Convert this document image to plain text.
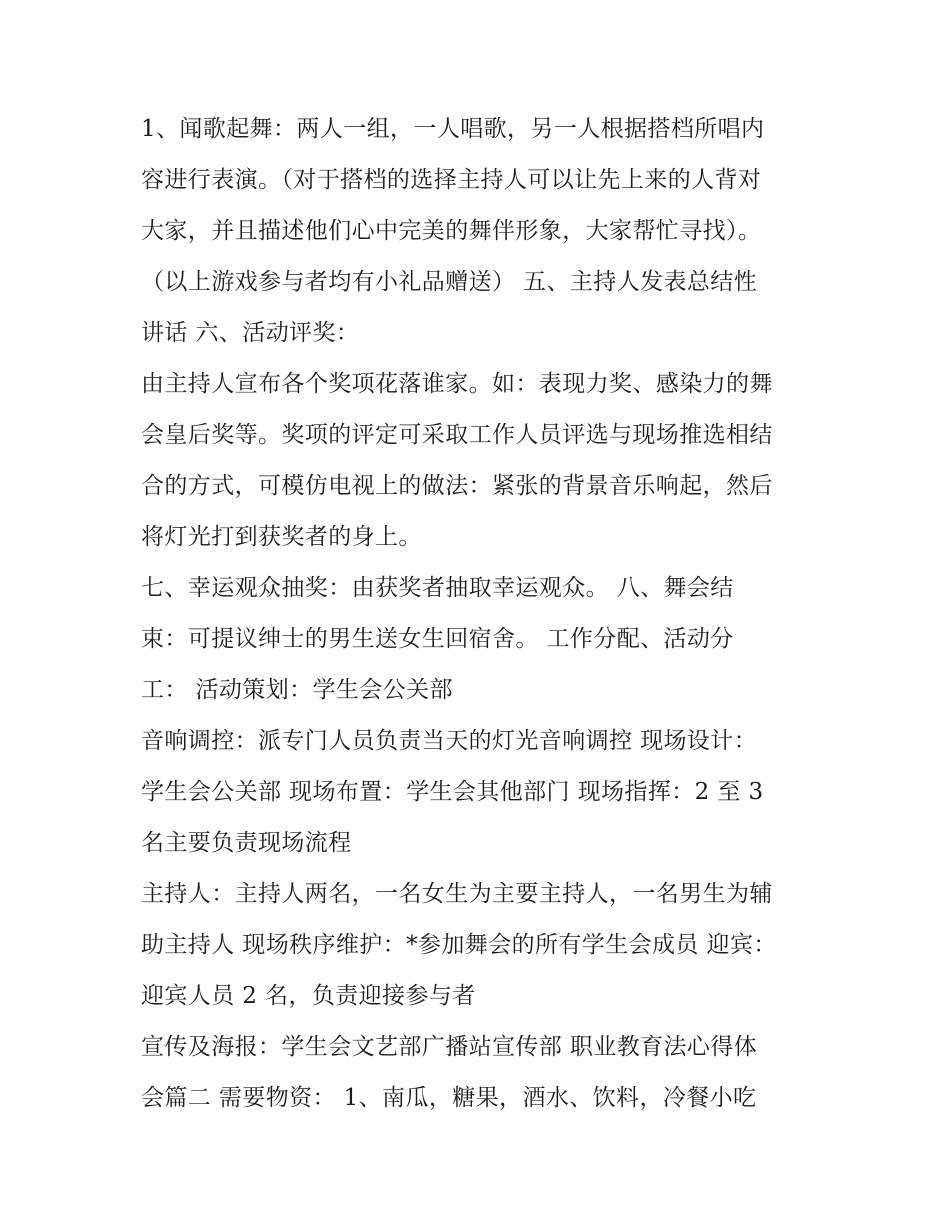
1、闻歌起舞：两人一组，一人唱歌，另一人根据搭档所唱内
容进行表演。（对于搭档的选择主持人可以让先上来的人背对
大家，并且描述他们心中完美的舞伴形象，大家帮忙寻找）。
（以上游戏参与者均有小礼品赠送） 五、主持人发表总结性
讲话 六、活动评奖：
由主持人宣布各个奖项花落谁家。如：表现力奖、感染力的舞
会皇后奖等。奖项的评定可采取工作人员评选与现场推选相结
合的方式，可模仿电视上的做法：紧张的背景音乐响起，然后
将灯光打到获奖者的身上。
七、幸运观众抽奖：由获奖者抽取幸运观众。 八、舞会结
束：可提议绅士的男生送女生回宿舍。 工作分配、活动分
工： 活动策划：学生会公关部
音响调控：派专门人员负责当天的灯光音响调控 现场设计：
学生会公关部 现场布置：学生会其他部门 现场指挥：2 至 3
名主要负责现场流程
主持人：主持人两名，一名女生为主要主持人，一名男生为辅
助主持人 现场秩序维护：*参加舞会的所有学生会成员 迎宾：
迎宾人员 2 名，负责迎接参与者
宣传及海报：学生会文艺部广播站宣传部 职业教育法心得体
会篇二 需要物资： 1、南瓜，糖果，酒水、饮料，冷餐小吃
